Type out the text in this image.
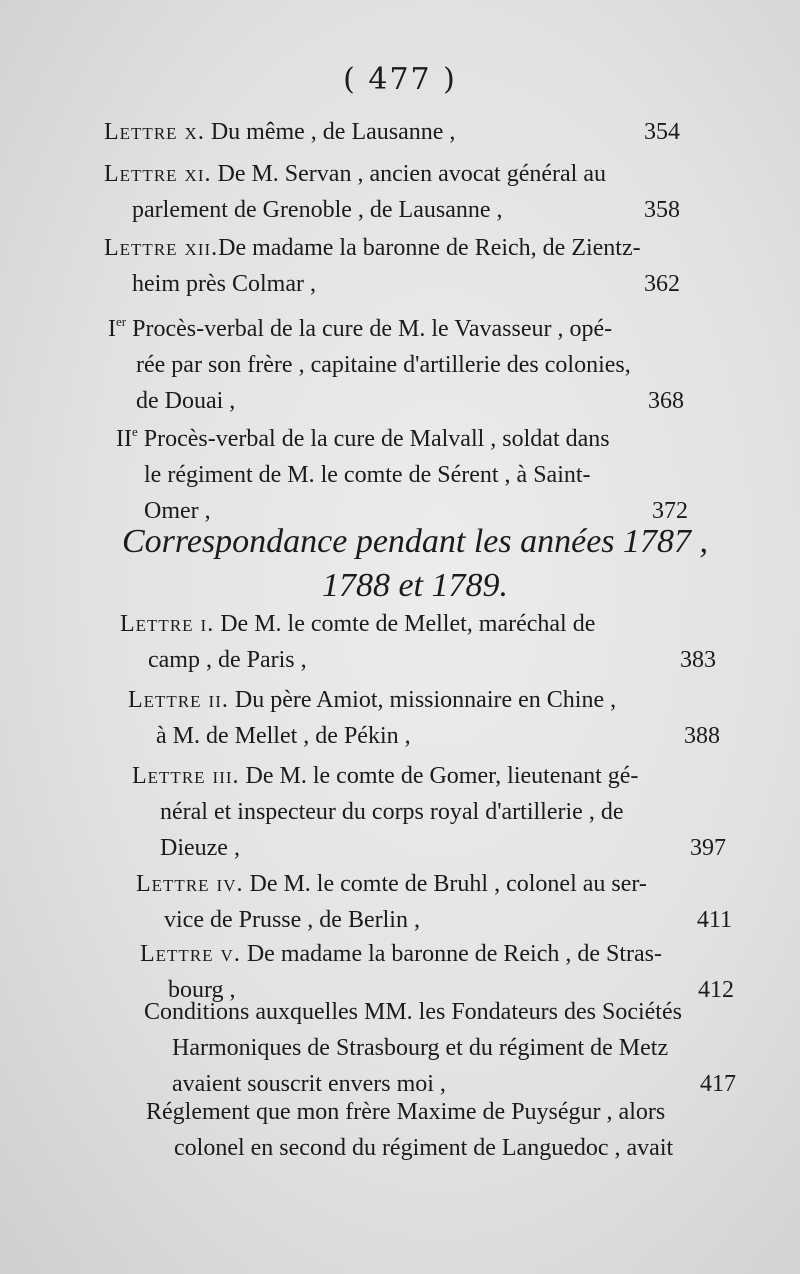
( 477 )
Lettre x. Du même , de Lausanne ,	354
Lettre xi. De M. Servan , ancien avocat général au
parlement de Grenoble , de Lausanne ,	358
Lettre xii.De madame la baronne de Reich, de Zientz-
heim près Colmar ,	362
Ier Procès-verbal de la cure de M. le Vavasseur , opé-
rée par son frère , capitaine d'artillerie des colonies,
de Douai ,	368
IIe Procès-verbal de la cure de Malvall , soldat dans
le régiment de M. le comte de Sérent , à Saint-
Omer ,	372
Correspondance pendant les années 1787 ,
1788 et 1789.
Lettre i. De M. le comte de Mellet, maréchal de
camp , de Paris ,	383
Lettre ii. Du père Amiot, missionnaire en Chine ,
à M. de Mellet , de Pékin ,	388
Lettre iii. De M. le comte de Gomer, lieutenant gé-
néral et inspecteur du corps royal d'artillerie , de
Dieuze ,	397
Lettre iv. De M. le comte de Bruhl , colonel au ser-
vice de Prusse , de Berlin ,	411
Lettre v. De madame la baronne de Reich , de Stras-
bourg ,	412
Conditions auxquelles MM. les Fondateurs des Sociétés
Harmoniques de Strasbourg et du régiment de Metz
avaient souscrit envers moi ,	417
Réglement que mon frère Maxime de Puységur , alors
colonel en second du régiment de Languedoc , avait
